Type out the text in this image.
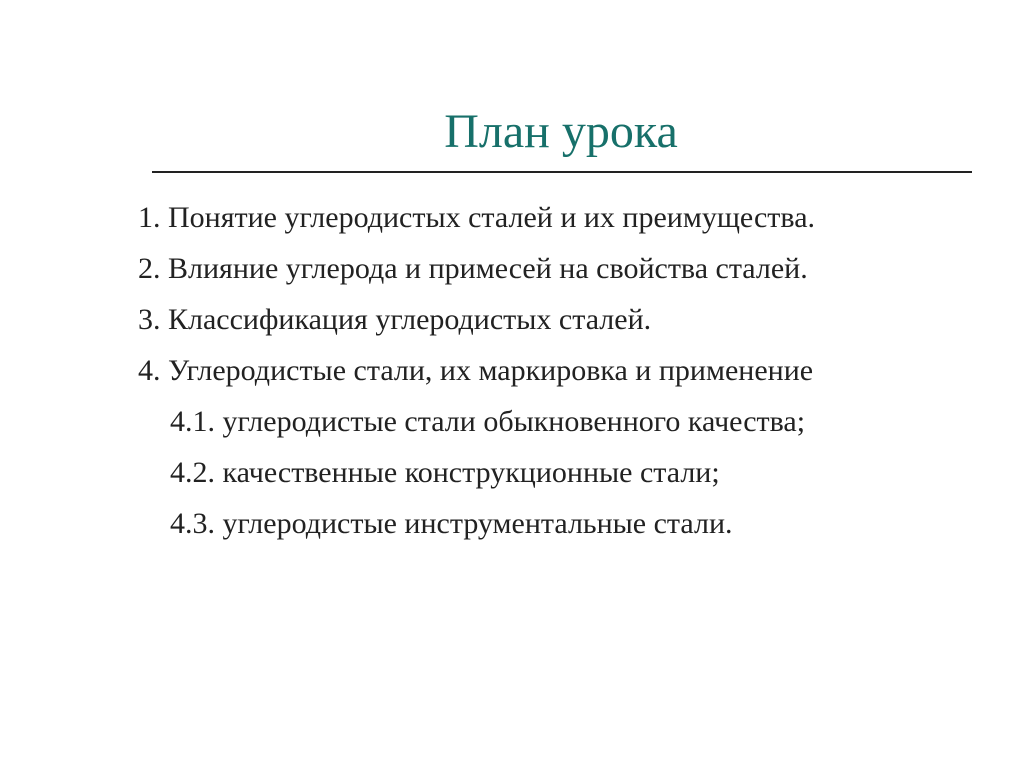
План урока
1. Понятие углеродистых сталей и их преимущества.
2. Влияние углерода и примесей на свойства сталей.
3. Классификация углеродистых сталей.
4. Углеродистые стали, их маркировка и применение
4.1. углеродистые стали обыкновенного качества;
4.2. качественные конструкционные стали;
4.3. углеродистые инструментальные стали.
